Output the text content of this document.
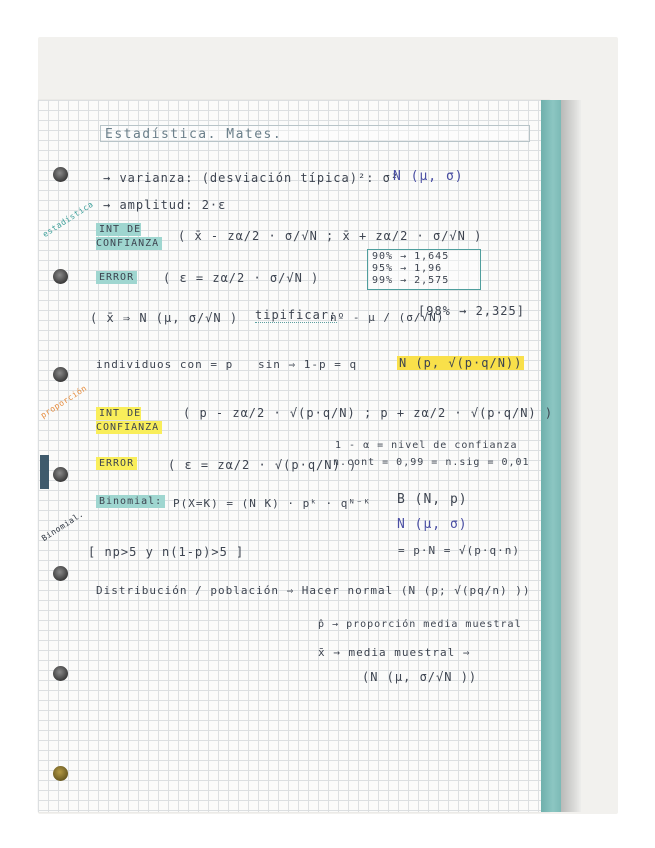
Estadística. Mates.
estadística
proporción
Binomial.
→ varianza: (desviación típica)²: σ²
N (μ, σ)
→ amplitud: 2·ε
INT DE CONFIANZA
( x̄ - zα/2 · σ/√N ; x̄ + zα/2 · σ/√N )
ERROR ( ε = zα/2 · σ/√N )
90% → 1,645
95% → 1,96
99% → 2,575
( x̄ ⇒ N (μ, σ/√N ) tipificar:
nº - μ / (σ/√N)
[98% → 2,325]
individuos con = p sin ⇒ 1-p = q	N (p, √(p·q/N))
INT DE CONFIANZA
( p - zα/2 · √(p·q/N) ; p + zα/2 · √(p·q/N) )
ERROR	( ε = zα/2 · √(p·q/N) )
1 - α = nivel de confianza
n.cont = 0,99 = n.sig = 0,01
Binomial: P(X=K) = (N K) · pᵏ · qᴺ⁻ᴷ B (N, p)
N (μ, σ)
= p·N = √(p·q·n)
[ np>5 y n(1-p)>5 ]
Distribución / población ⇒ Hacer normal (N (p; √(pq/n) ))
p̂ → proporción media muestral
x̄ → media muestral ⇒
(N (μ, σ/√N ))
